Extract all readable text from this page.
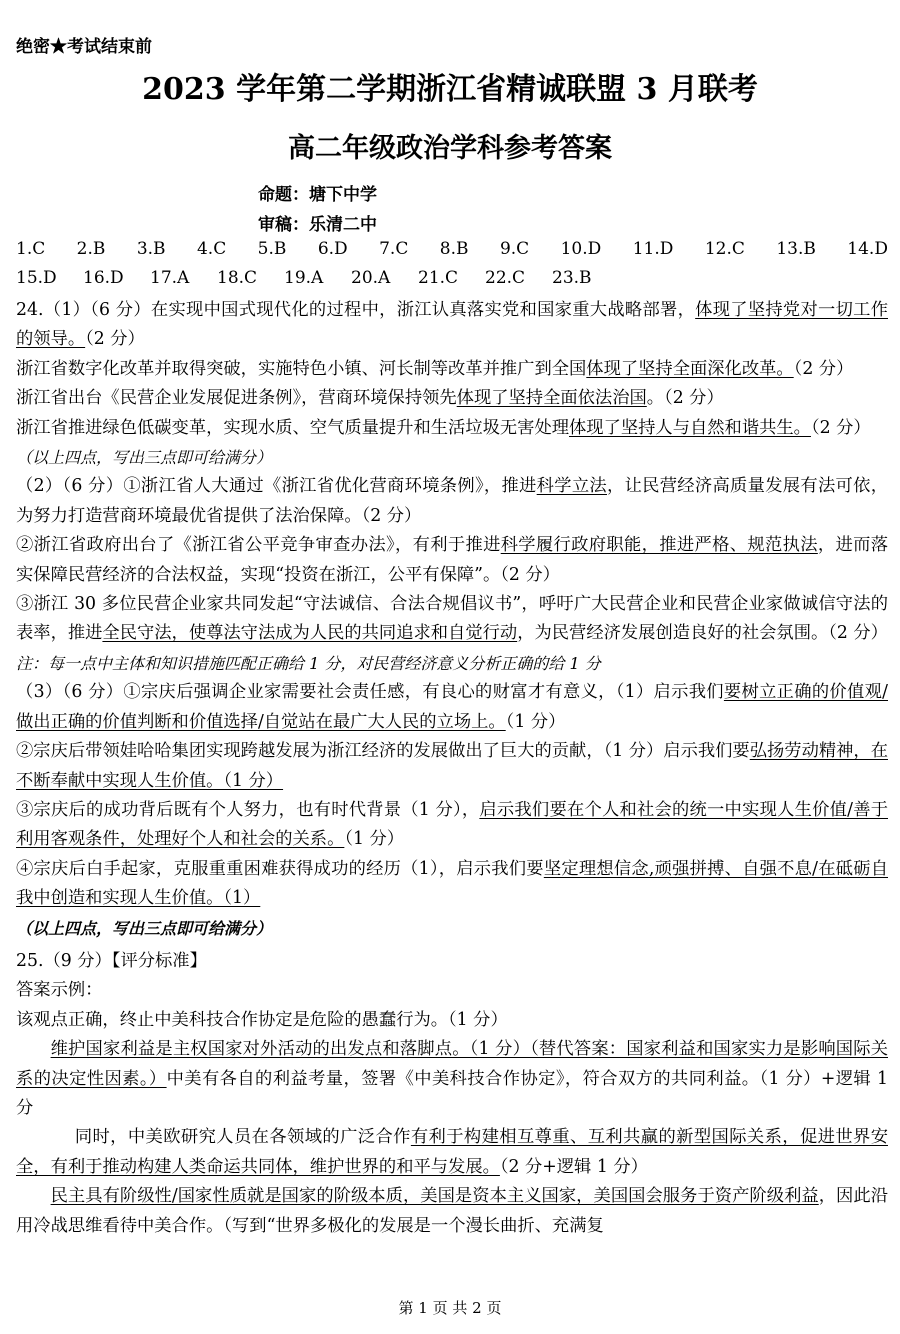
绝密★考试结束前
2023 学年第二学期浙江省精诚联盟 3 月联考
高二年级政治学科参考答案
命题：塘下中学
审稿：乐清二中
1.C 2.B 3.B 4.C 5.B 6.D 7.C 8.B 9.C 10.D 11.D 12.C 13.B 14.D
15.D	16.D	17.A	18.C	19.A	20.A	21.C	22.C	23.B

24.（1）（6 分）在实现中国式现代化的过程中，浙江认真落实党和国家重大战略部署，体现了坚持党对一切工作的领导。（2 分）

浙江省数字化改革并取得突破，实施特色小镇、河长制等改革并推广到全国体现了坚持全面深化改革。（2 分）

浙江省出台《民营企业发展促进条例》，营商环境保持领先体现了坚持全面依法治国。（2 分）

浙江省推进绿色低碳变革，实现水质、空气质量提升和生活垃圾无害处理体现了坚持人与自然和谐共生。（2 分）

（以上四点，写出三点即可给满分）

（2）（6 分）①浙江省人大通过《浙江省优化营商环境条例》，推进科学立法，让民营经济高质量发展有法可依，为努力打造营商环境最优省提供了法治保障。（2 分）

②浙江省政府出台了《浙江省公平竞争审查办法》，有利于推进科学履行政府职能，推进严格、规范执法，进而落实保障民营经济的合法权益，实现“投资在浙江，公平有保障”。（2 分）

③浙江 30 多位民营企业家共同发起“守法诚信、合法合规倡议书”，呼吁广大民营企业和民营企业家做诚信守法的表率，推进全民守法，使尊法守法成为人民的共同追求和自觉行动，为民营经济发展创造良好的社会氛围。（2 分）

注：每一点中主体和知识措施匹配正确给 1 分，对民营经济意义分析正确的给 1 分

（3）（6 分）①宗庆后强调企业家需要社会责任感，有良心的财富才有意义，（1）启示我们要树立正确的价值观/做出正确的价值判断和价值选择/自觉站在最广大人民的立场上。（1 分）

②宗庆后带领娃哈哈集团实现跨越发展为浙江经济的发展做出了巨大的贡献，（1 分）启示我们要弘扬劳动精神，在不断奉献中实现人生价值。（1 分）

③宗庆后的成功背后既有个人努力，也有时代背景（1 分），启示我们要在个人和社会的统一中实现人生价值/善于利用客观条件，处理好个人和社会的关系。（1 分）

④宗庆后白手起家，克服重重困难获得成功的经历（1），启示我们要坚定理想信念,顽强拼搏、自强不息/在砥砺自我中创造和实现人生价值。（1）

（以上四点，写出三点即可给满分）

25.（9 分）【评分标准】

答案示例：

该观点正确，终止中美科技合作协定是危险的愚蠢行为。（1 分）

维护国家利益是主权国家对外活动的出发点和落脚点。（1 分）（替代答案：国家利益和国家实力是影响国际关系的决定性因素。）中美有各自的利益考量，签署《中美科技合作协定》，符合双方的共同利益。（1 分）+逻辑 1 分

同时，中美欧研究人员在各领域的广泛合作有利于构建相互尊重、互利共赢的新型国际关系，促进世界安全，有利于推动构建人类命运共同体，维护世界的和平与发展。（2 分+逻辑 1 分）

民主具有阶级性/国家性质就是国家的阶级本质，美国是资本主义国家，美国国会服务于资产阶级利益，因此沿用冷战思维看待中美合作。（写到“世界多极化的发展是一个漫长曲折、充满复

第 1 页 共 2 页
